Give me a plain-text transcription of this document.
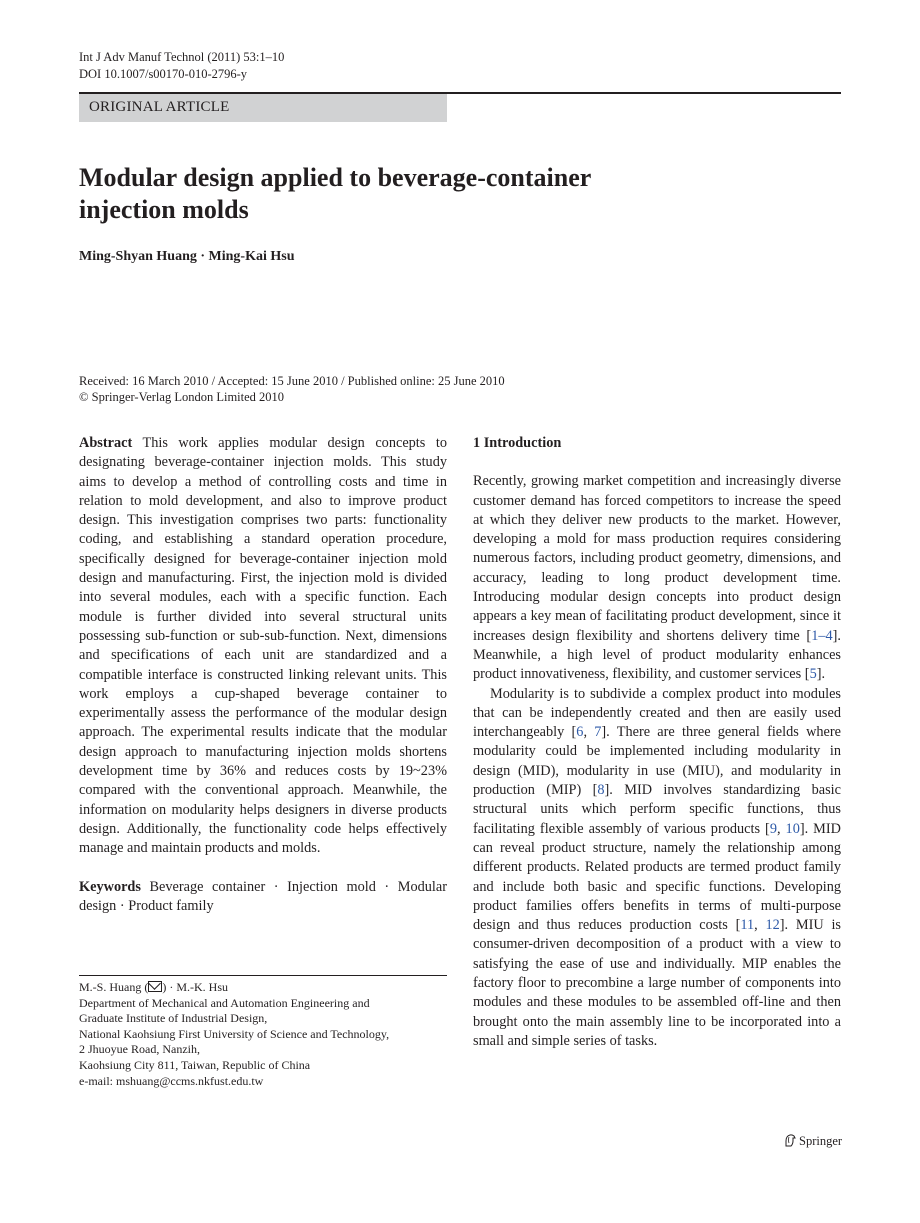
Int J Adv Manuf Technol (2011) 53:1–10
DOI 10.1007/s00170-010-2796-y
ORIGINAL ARTICLE
Modular design applied to beverage-container
injection molds
Ming-Shyan Huang · Ming-Kai Hsu
Received: 16 March 2010 / Accepted: 15 June 2010 / Published online: 25 June 2010
© Springer-Verlag London Limited 2010

Abstract This work applies modular design concepts to designating beverage-container injection molds. This study aims to develop a method of controlling costs and time in relation to mold development, and also to improve product design. This investigation comprises two parts: functionality coding, and establishing a standard operation procedure, specifically designed for beverage-container injection mold design and manufacturing. First, the injection mold is divided into several modules, each with a specific function. Each module is further divided into several structural units possessing sub-function or sub-sub-function. Next, dimensions and specifications of each unit are standardized and a compatible interface is constructed linking relevant units. This work employs a cup-shaped beverage container to experimentally assess the performance of the modular design approach. The experimental results indicate that the modular design approach to manufacturing injection molds shortens development time by 36% and reduces costs by 19~23% compared with the conventional approach. Meanwhile, the information on modularity helps designers in diverse products design. Additionally, the functionality code helps effectively manage and maintain products and molds.

Keywords Beverage container · Injection mold · Modular design · Product family

M.-S. Huang ( ) · M.-K. Hsu
Department of Mechanical and Automation Engineering and
Graduate Institute of Industrial Design,
National Kaohsiung First University of Science and Technology,
2 Jhuoyue Road, Nanzih,
Kaohsiung City 811, Taiwan, Republic of China
e-mail: mshuang@ccms.nkfust.edu.tw

1 Introduction

Recently, growing market competition and increasingly diverse customer demand has forced competitors to increase the speed at which they deliver new products to the market. However, developing a mold for mass production requires considering numerous factors, including product geometry, dimensions, and accuracy, leading to long product development time. Introducing modular design concepts into product design appears a key mean of facilitating product development, since it increases design flexibility and shortens delivery time [1–4]. Meanwhile, a high level of product modularity enhances product innovativeness, flexibility, and customer services [5].

Modularity is to subdivide a complex product into modules that can be independently created and then are easily used interchangeably [6, 7]. There are three general fields where modularity could be implemented including modularity in design (MID), modularity in use (MIU), and modularity in production (MIP) [8]. MID involves standardizing basic structural units which perform specific functions, thus facilitating flexible assembly of various products [9, 10]. MID can reveal product structure, namely the relationship among different products. Related products are termed product family and include both basic and specific functions. Developing product families offers benefits in terms of multi-purpose design and thus reduces production costs [11, 12]. MIU is consumer-driven decomposition of a product with a view to satisfying the ease of use and individually. MIP enables the factory floor to precombine a large number of components into modules and these modules to be assembled off-line and then brought onto the main assembly line to be incorporated into a small and simple series of tasks.

Springer
